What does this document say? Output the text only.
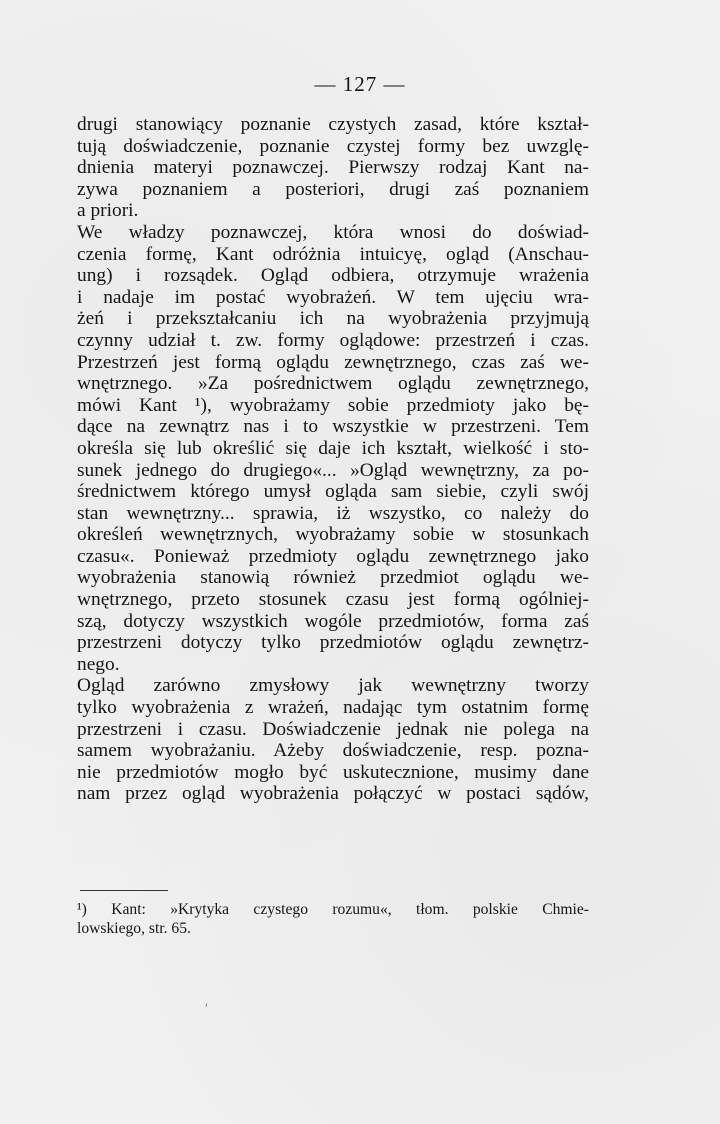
— 127 —
drugi stanowiący poznanie czystych zasad, które kształ-
tują doświadczenie, poznanie czystej formy bez uwzglę-
dnienia materyi poznawczej. Pierwszy rodzaj Kant na-
zywa poznaniem a posteriori, drugi zaś poznaniem
a priori.
We władzy poznawczej, która wnosi do doświad-
czenia formę, Kant odróżnia intuicyę, ogląd (Anschau-
ung) i rozsądek. Ogląd odbiera, otrzymuje wrażenia
i nadaje im postać wyobrażeń. W tem ujęciu wra-
żeń i przekształcaniu ich na wyobrażenia przyjmują
czynny udział t. zw. formy oglądowe: przestrzeń i czas.
Przestrzeń jest formą oglądu zewnętrznego, czas zaś we-
wnętrznego. »Za pośrednictwem oglądu zewnętrznego,
mówi Kant ¹), wyobrażamy sobie przedmioty jako bę-
dące na zewnątrz nas i to wszystkie w przestrzeni. Tem
określa się lub określić się daje ich kształt, wielkość i sto-
sunek jednego do drugiego«... »Ogląd wewnętrzny, za po-
średnictwem którego umysł ogląda sam siebie, czyli swój
stan wewnętrzny... sprawia, iż wszystko, co należy do
określeń wewnętrznych, wyobrażamy sobie w stosunkach
czasu«. Ponieważ przedmioty oglądu zewnętrznego jako
wyobrażenia stanowią również przedmiot oglądu we-
wnętrznego, przeto stosunek czasu jest formą ogólniej-
szą, dotyczy wszystkich wogóle przedmiotów, forma zaś
przestrzeni dotyczy tylko przedmiotów oglądu zewnętrz-
nego.
Ogląd zarówno zmysłowy jak wewnętrzny tworzy
tylko wyobrażenia z wrażeń, nadając tym ostatnim formę
przestrzeni i czasu. Doświadczenie jednak nie polega na
samem wyobrażaniu. Ażeby doświadczenie, resp. pozna-
nie przedmiotów mogło być uskutecznione, musimy dane
nam przez ogląd wyobrażenia połączyć w postaci sądów,
¹) Kant: »Krytyka czystego rozumu«, tłom. polskie Chmie-
lowskiego, str. 65.
ʹ
